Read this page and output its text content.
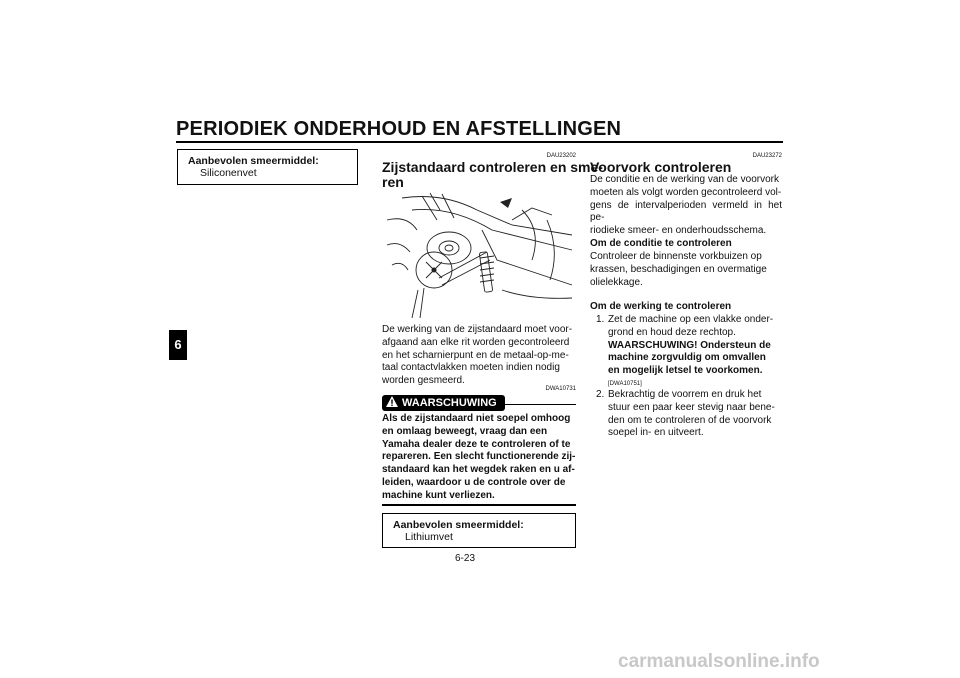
PERIODIEK ONDERHOUD EN AFSTELLINGEN
6
Aanbevolen smeermiddel:
Siliconenvet
DAU23202
Zijstandaard controleren en sme-
ren
De werking van de zijstandaard moet voor-
afgaand aan elke rit worden gecontroleerd
en het scharnierpunt en de metaal-op-me-
taal contactvlakken moeten indien nodig
worden gesmeerd.
DWA10731
WAARSCHUWING
Als de zijstandaard niet soepel omhoog
en omlaag beweegt, vraag dan een
Yamaha dealer deze te controleren of te
repareren. Een slecht functionerende zij-
standaard kan het wegdek raken en u af-
leiden, waardoor u de controle over de
machine kunt verliezen.
Aanbevolen smeermiddel:
Lithiumvet
DAU23272
Voorvork controleren
De conditie en de werking van de voorvork
moeten als volgt worden gecontroleerd vol-
gens de intervalperioden vermeld in het pe-
riodieke smeer- en onderhoudsschema.
Om de conditie te controleren
Controleer de binnenste vorkbuizen op
krassen, beschadigingen en overmatige
olielekkage.
Om de werking te controleren
1. Zet de machine op een vlakke onder-
grond en houd deze rechtop.
WAARSCHUWING! Ondersteun de
machine zorgvuldig om omvallen
en mogelijk letsel te voorkomen.
[DWA10751]
2. Bekrachtig de voorrem en druk het
stuur een paar keer stevig naar bene-
den om te controleren of de voorvork
soepel in- en uitveert.
6-23
carmanualsonline.info
